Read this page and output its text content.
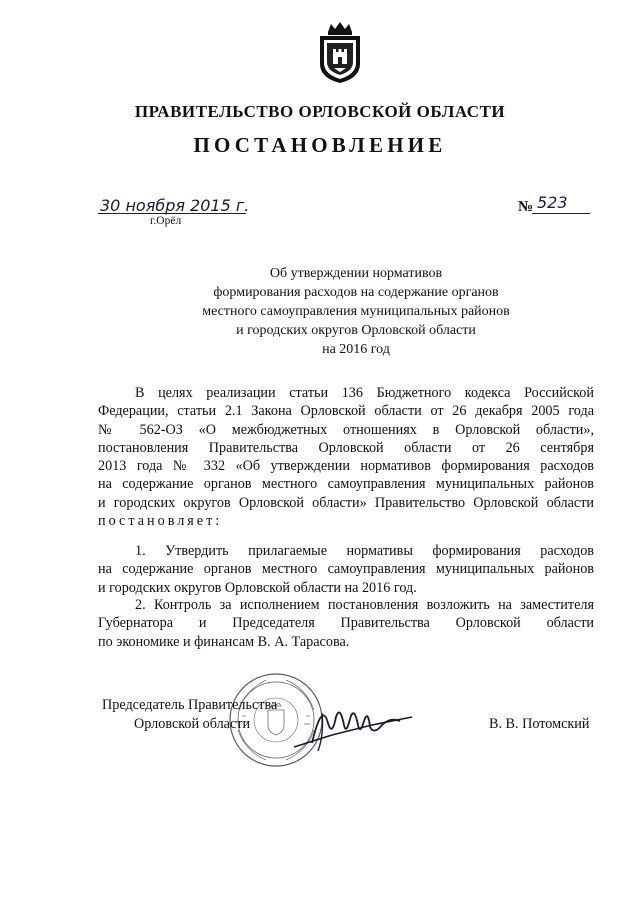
ПРАВИТЕЛЬСТВО ОРЛОВСКОЙ ОБЛАСТИ
ПОСТАНОВЛЕНИЕ
30 ноября 2015 г.
г.Орёл
№ 523
Об утверждении нормативов
формирования расходов на содержание органов
местного самоуправления муниципальных районов
и городских округов Орловской области
на 2016 год
В целях реализации статьи 136 Бюджетного кодекса Российской
Федерации, статьи 2.1 Закона Орловской области от 26 декабря 2005 года
№ 562-ОЗ «О межбюджетных отношениях в Орловской области»,
постановления Правительства Орловской области от 26 сентября
2013 года № 332 «Об утверждении нормативов формирования расходов
на содержание органов местного самоуправления муниципальных районов
и городских округов Орловской области» Правительство Орловской области
постановляет:
1. Утвердить прилагаемые нормативы формирования расходов
на содержание органов местного самоуправления муниципальных районов
и городских округов Орловской области на 2016 год.
2. Контроль за исполнением постановления возложить на заместителя
Губернатора и Председателя Правительства Орловской области
по экономике и финансам В. А. Тарасова.
Председатель Правительства
Орловской области	В. В. Потомский
